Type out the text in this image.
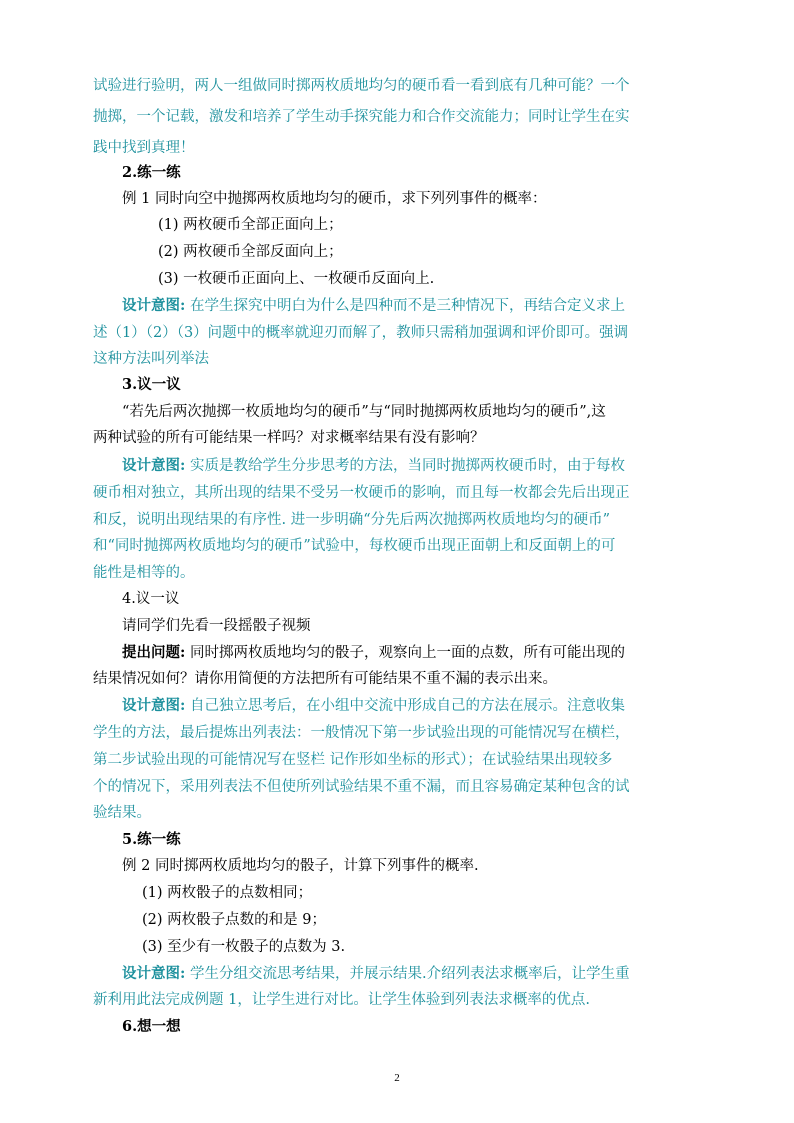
试验进行验明，两人一组做同时掷两枚质地均匀的硬币看一看到底有几种可能？一个
抛掷，一个记载，激发和培养了学生动手探究能力和合作交流能力；同时让学生在实
践中找到真理！
2.练一练
例 1 同时向空中抛掷两枚质地均匀的硬币，求下列列事件的概率：
(1) 两枚硬币全部正面向上；
(2) 两枚硬币全部反面向上；
(3) 一枚硬币正面向上、一枚硬币反面向上.
设计意图: 在学生探究中明白为什么是四种而不是三种情况下，再结合定义求上
述（1）（2）（3）问题中的概率就迎刃而解了，教师只需稍加强调和评价即可。强调
这种方法叫列举法
3.议一议
“若先后两次抛掷一枚质地均匀的硬币”与“同时抛掷两枚质地均匀的硬币”,这
两种试验的所有可能结果一样吗？对求概率结果有没有影响？
设计意图: 实质是教给学生分步思考的方法，当同时抛掷两枚硬币时，由于每枚
硬币相对独立，其所出现的结果不受另一枚硬币的影响，而且每一枚都会先后出现正
和反，说明出现结果的有序性. 进一步明确“分先后两次抛掷两枚质地均匀的硬币”
和“同时抛掷两枚质地均匀的硬币”试验中，每枚硬币出现正面朝上和反面朝上的可
能性是相等的。
4.议一议
请同学们先看一段摇骰子视频
提出问题: 同时掷两枚质地均匀的骰子，观察向上一面的点数，所有可能出现的
结果情况如何？请你用简便的方法把所有可能结果不重不漏的表示出来。
设计意图: 自己独立思考后，在小组中交流中形成自己的方法在展示。注意收集
学生的方法，最后提炼出列表法：一般情况下第一步试验出现的可能情况写在横栏，
第二步试验出现的可能情况写在竖栏 记作形如坐标的形式）；在试验结果出现较多
个的情况下，采用列表法不但使所列试验结果不重不漏，而且容易确定某种包含的试
验结果。
5.练一练
例 2 同时掷两枚质地均匀的骰子，计算下列事件的概率.
(1) 两枚骰子的点数相同；
(2) 两枚骰子点数的和是 9；
(3) 至少有一枚骰子的点数为 3.
设计意图: 学生分组交流思考结果，并展示结果.介绍列表法求概率后，让学生重
新利用此法完成例题 1，让学生进行对比。让学生体验到列表法求概率的优点.
6.想一想
2
